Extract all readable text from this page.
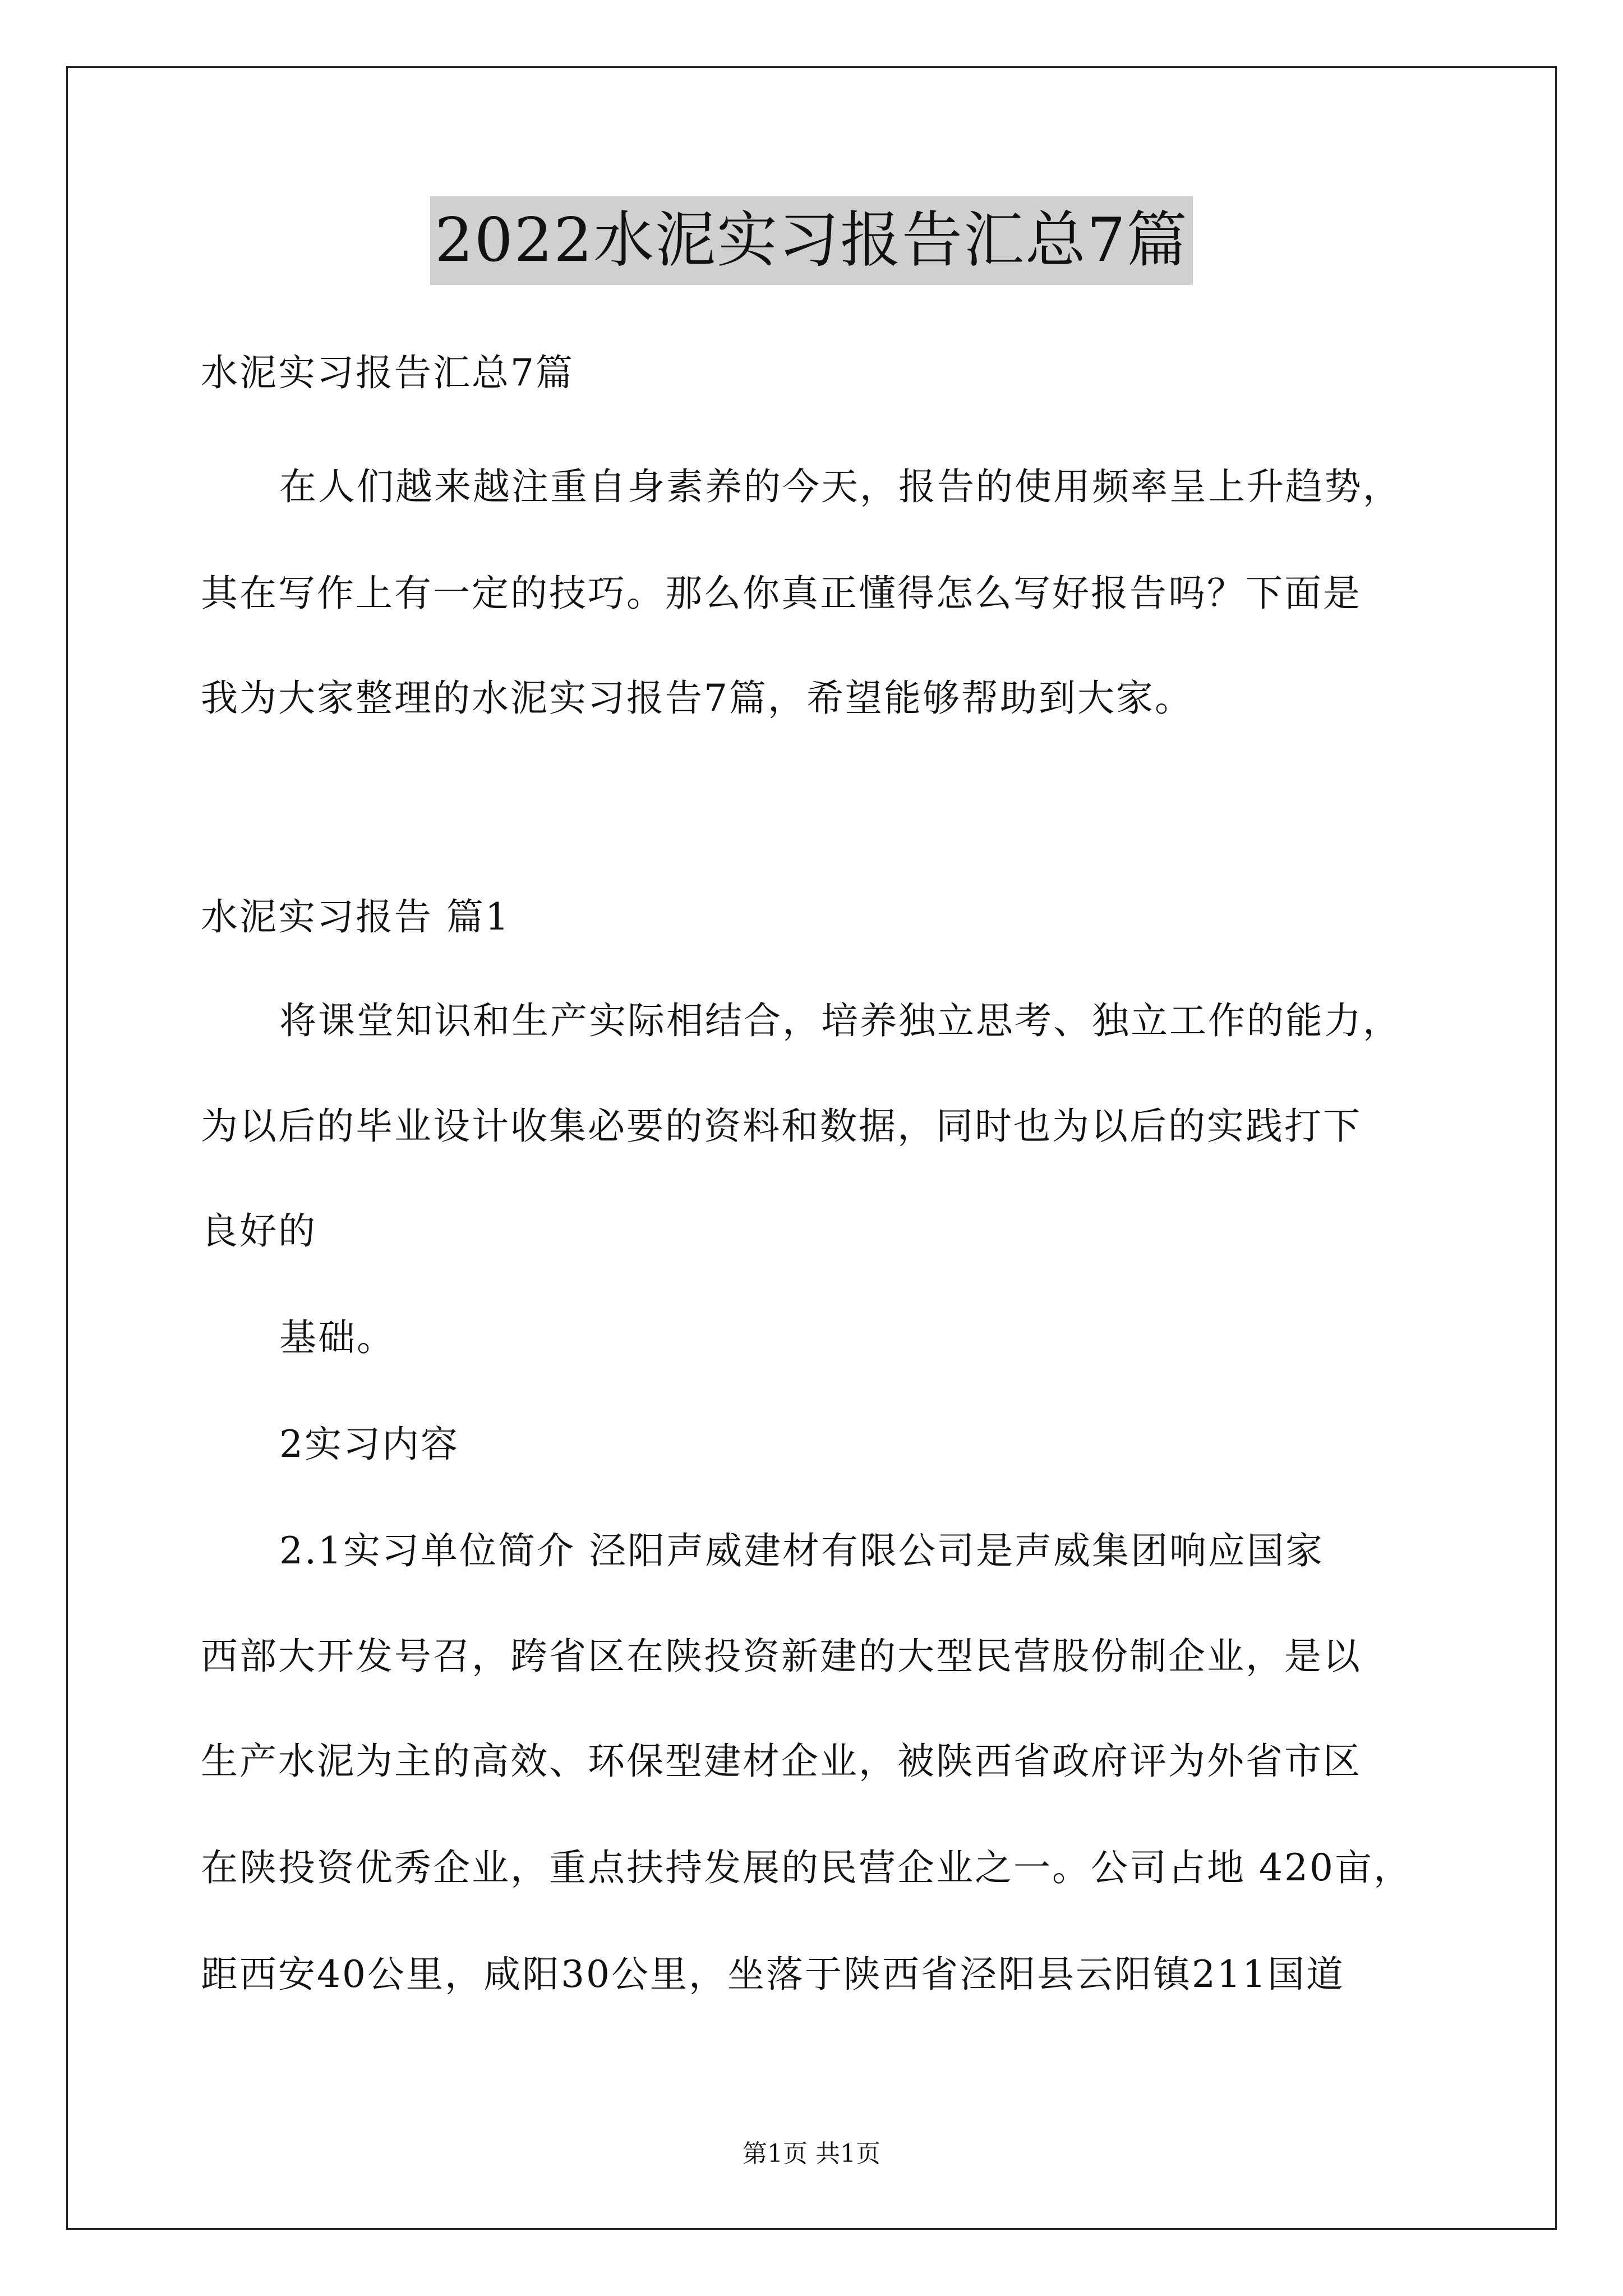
2022水泥实习报告汇总7篇
水泥实习报告汇总7篇
在人们越来越注重自身素养的今天，报告的使用频率呈上升趋势，
其在写作上有一定的技巧。那么你真正懂得怎么写好报告吗？下面是
我为大家整理的水泥实习报告7篇，希望能够帮助到大家。
水泥实习报告 篇1
将课堂知识和生产实际相结合，培养独立思考、独立工作的能力，
为以后的毕业设计收集必要的资料和数据，同时也为以后的实践打下
良好的
基础。
2实习内容
2.1实习单位简介 泾阳声威建材有限公司是声威集团响应国家
西部大开发号召，跨省区在陕投资新建的大型民营股份制企业，是以
生产水泥为主的高效、环保型建材企业，被陕西省政府评为外省市区
在陕投资优秀企业，重点扶持发展的民营企业之一。公司占地 420亩，
距西安40公里，咸阳30公里，坐落于陕西省泾阳县云阳镇211国道
第1页 共1页
